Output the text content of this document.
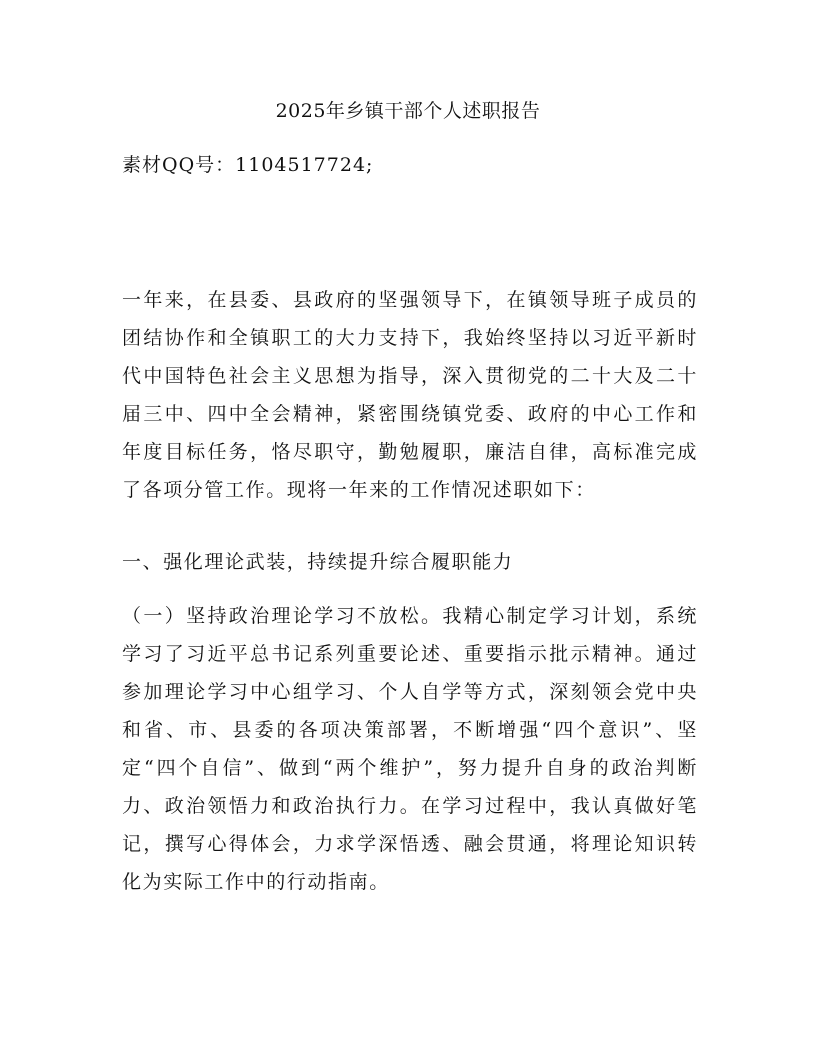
2025年乡镇干部个人述职报告
素材QQ号：1104517724;

一年来，在县委、县政府的坚强领导下，在镇领导班子成员的团结协作和全镇职工的大力支持下，我始终坚持以习近平新时代中国特色社会主义思想为指导，深入贯彻党的二十大及二十届三中、四中全会精神，紧密围绕镇党委、政府的中心工作和年度目标任务，恪尽职守，勤勉履职，廉洁自律，高标准完成了各项分管工作。现将一年来的工作情况述职如下：

一、强化理论武装，持续提升综合履职能力

（一）坚持政治理论学习不放松。我精心制定学习计划，系统学习了习近平总书记系列重要论述、重要指示批示精神。通过参加理论学习中心组学习、个人自学等方式，深刻领会党中央和省、市、县委的各项决策部署，不断增强“四个意识”、坚定“四个自信”、做到“两个维护”，努力提升自身的政治判断力、政治领悟力和政治执行力。在学习过程中，我认真做好笔记，撰写心得体会，力求学深悟透、融会贯通，将理论知识转化为实际工作中的行动指南。
